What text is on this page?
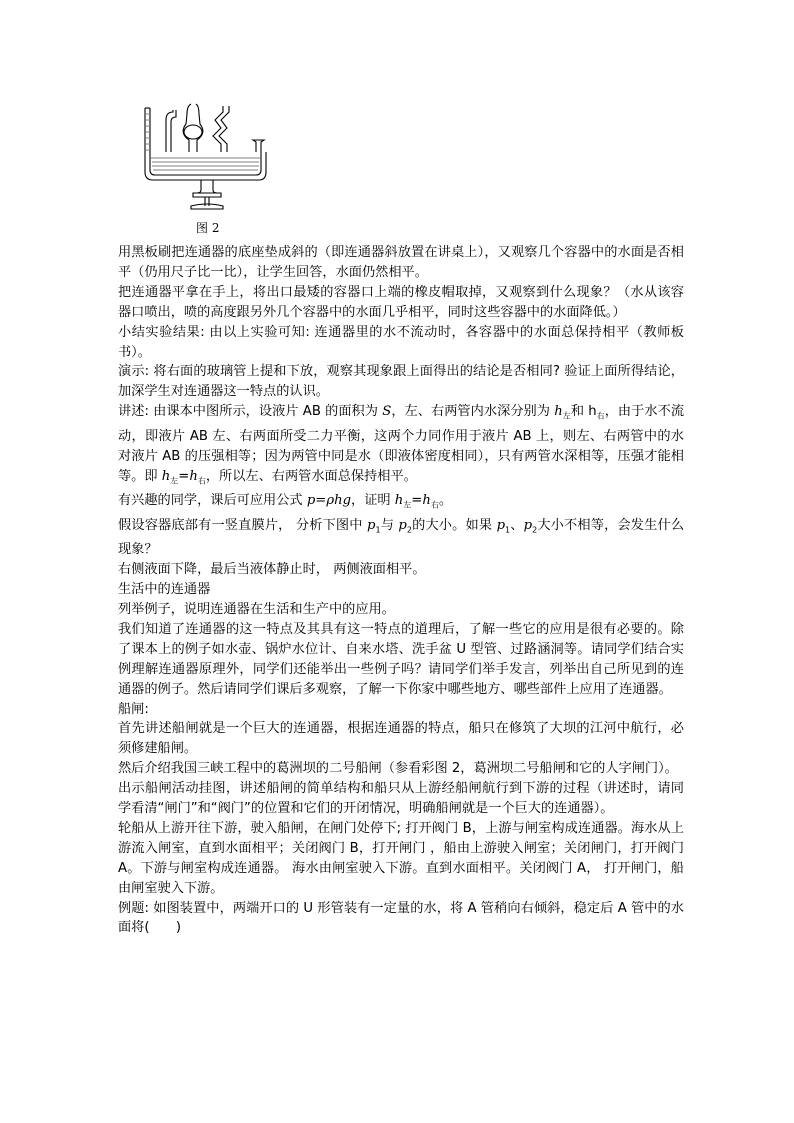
图 2

用黑板刷把连通器的底座垫成斜的（即连通器斜放置在讲桌上），又观察几个容器中的水面是否相平（仍用尺子比一比），让学生回答，水面仍然相平。

把连通器平拿在手上，将出口最矮的容器口上端的橡皮帽取掉，又观察到什么现象？（水从该容器口喷出，喷的高度跟另外几个容器中的水面几乎相平，同时这些容器中的水面降低。）

小结实验结果: 由以上实验可知: 连通器里的水不流动时，各容器中的水面总保持相平（教师板书）。

演示: 将右面的玻璃管上提和下放，观察其现象跟上面得出的结论是否相同? 验证上面所得结论，加深学生对连通器这一特点的认识。

讲述: 由课本中图所示，设液片 AB 的面积为 S，左、右两管内水深分别为 $h_左$和 $h_右$，由于水不流动，即液片 AB 左、右两面所受二力平衡，这两个力同作用于液片 AB 上，则左、右两管中的水对液片 AB 的压强相等；因为两管中同是水（即液体密度相同），只有两管水深相等，压强才能相等。即 $h_左=h_右$，所以左、右两管水面总保持相平。

有兴趣的同学，课后可应用公式 p=ρhg，证明 $h_左=h_右$。

假设容器底部有一竖直膜片， 分析下图中 $p_1$与 $p_2$的大小。如果 $p_1$、$p_2$大小不相等，会发生什么现象？

右侧液面下降，最后当液体静止时， 两侧液面相平。

生活中的连通器

列举例子，说明连通器在生活和生产中的应用。

我们知道了连通器的这一特点及其具有这一特点的道理后，了解一些它的应用是很有必要的。除了课本上的例子如水壶、锅炉水位计、自来水塔、洗手盆 U 型管、过路涵洞等。请同学们结合实例理解连通器原理外，同学们还能举出一些例子吗？请同学们举手发言，列举出自己所见到的连通器的例子。然后请同学们课后多观察，了解一下你家中哪些地方、哪些部件上应用了连通器。

船闸:

首先讲述船闸就是一个巨大的连通器，根据连通器的特点，船只在修筑了大坝的江河中航行，必须修建船闸。

然后介绍我国三峡工程中的葛洲坝的二号船闸（参看彩图 2，葛洲坝二号船闸和它的人字闸门）。

出示船闸活动挂图，讲述船闸的简单结构和船只从上游经船闸航行到下游的过程（讲述时，请同学看清“闸门”和“阀门”的位置和它们的开闭情况，明确船闸就是一个巨大的连通器）。

轮船从上游开往下游，驶入船闸，在闸门处停下; 打开阀门 B，上游与闸室构成连通器。海水从上游流入闸室，直到水面相平；关闭阀门 B，打开闸门 ，船由上游驶入闸室；关闭闸门，打开阀门 A。下游与闸室构成连通器。 海水由闸室驶入下游。直到水面相平。关闭阀门 A， 打开闸门，船由闸室驶入下游。

例题: 如图装置中，两端开口的 U 形管装有一定量的水，将 A 管稍向右倾斜，稳定后 A 管中的水面将(　　)
